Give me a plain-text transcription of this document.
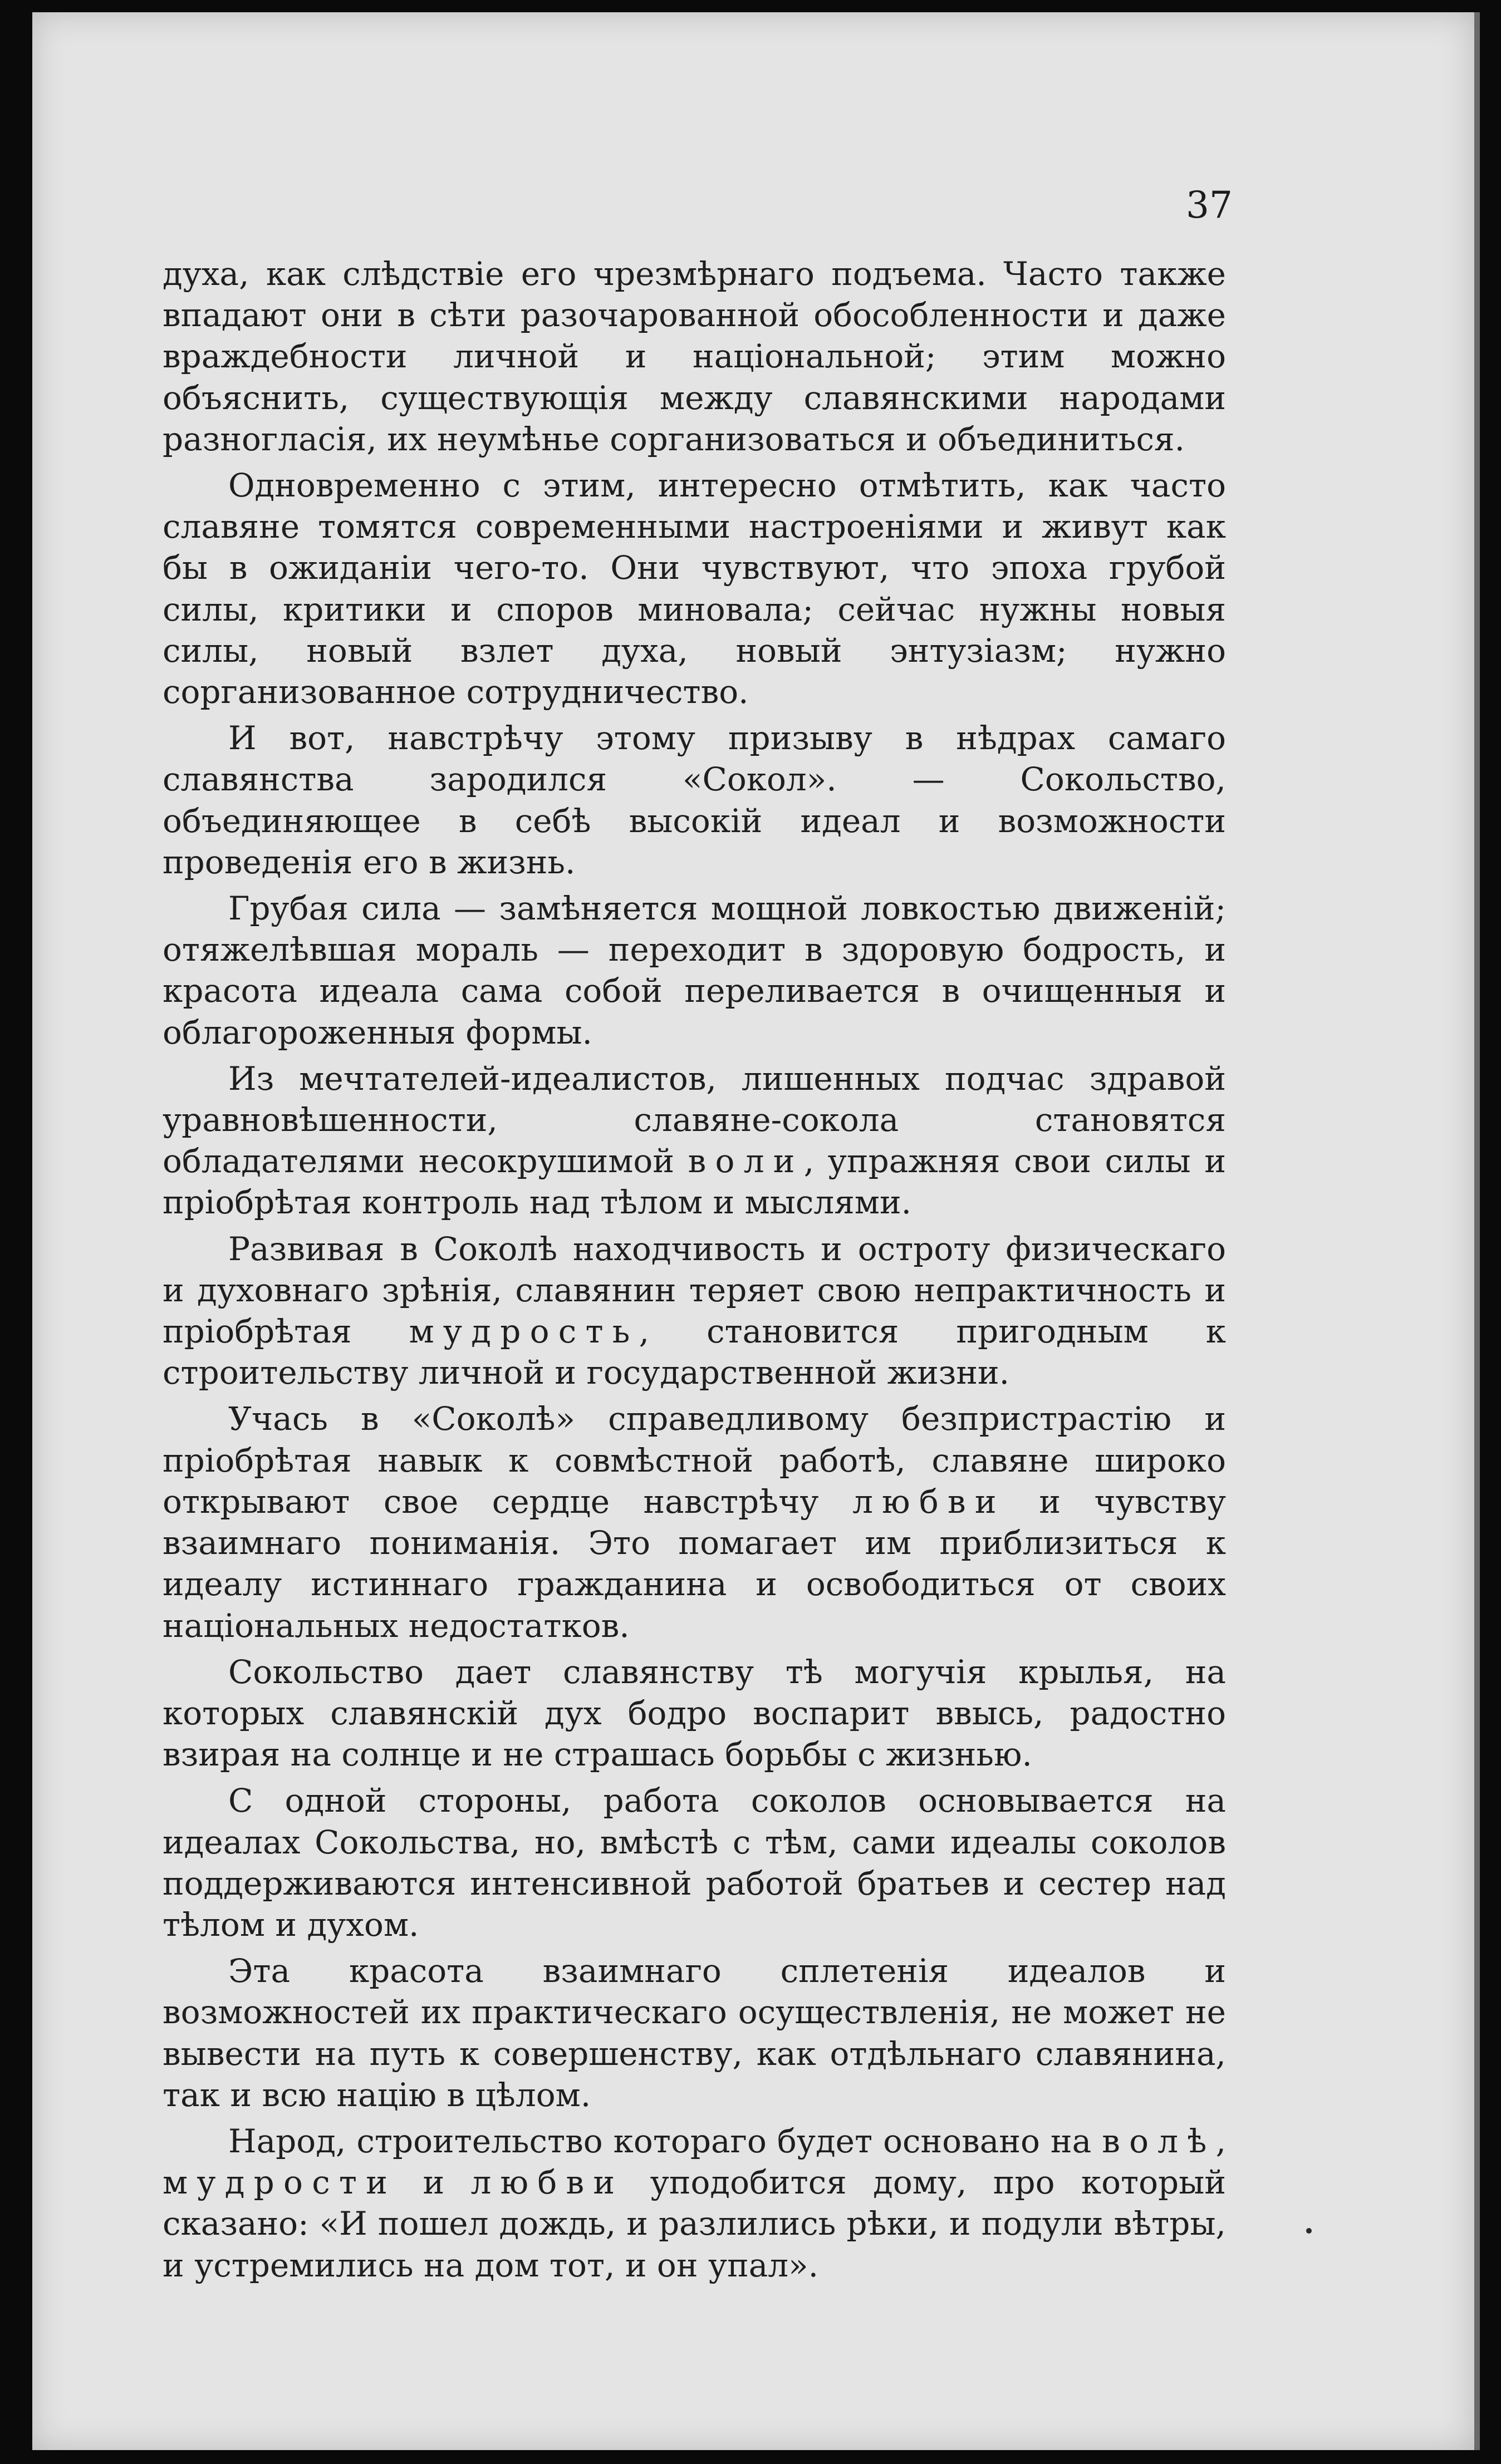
37

духа, как слѣдствіе его чрезмѣрнаго подъема. Часто также впадают они в сѣти разочарованной обособленности и даже враждебности личной и національной; этим можно объяснить, существующія между славянскими народами разногласія, их неумѣнье сорганизоваться и объединиться.

Одновременно с этим, интересно отмѣтить, как часто славяне томятся современными настроеніями и живут как бы в ожиданіи чего-то. Они чувствуют, что эпоха грубой силы, критики и споров миновала; сейчас нужны новыя силы, новый взлет духа, новый энтузіазм; нужно сорганизованное сотрудничество.

И вот, навстрѣчу этому призыву в нѣдрах самаго славянства зародился «Сокол». — Сокольство, объединяющее в себѣ высокій идеал и возможности проведенія его в жизнь.

Грубая сила — замѣняется мощной ловкостью движеній; отяжелѣвшая мораль — переходит в здоровую бодрость, и красота идеала сама собой переливается в очищенныя и облагороженныя формы.

Из мечтателей-идеалистов, лишенных подчас здравой уравновѣшенности, славяне-сокола становятся обладателями несокрушимой воли, упражняя свои силы и пріобрѣтая контроль над тѣлом и мыслями.

Развивая в Соколѣ находчивость и остроту физическаго и духовнаго зрѣнія, славянин теряет свою непрактичность и пріобрѣтая мудрость, становится пригодным к строительству личной и государственной жизни.

Учась в «Соколѣ» справедливому безпристрастію и пріобрѣтая навык к совмѣстной работѣ, славяне широко открывают свое сердце навстрѣчу любви и чувству взаимнаго пониманія. Это помагает им приблизиться к идеалу истиннаго гражданина и освободиться от своих національных недостатков.

Сокольство дает славянству тѣ могучія крылья, на которых славянскій дух бодро воспарит ввысь, радостно взирая на солнце и не страшась борьбы с жизнью.

С одной стороны, работа соколов основывается на идеалах Сокольства, но, вмѣстѣ с тѣм, сами идеалы соколов поддерживаются интенсивной работой братьев и сестер над тѣлом и духом.

Эта красота взаимнаго сплетенія идеалов и возможностей их практическаго осуществленія, не может не вывести на путь к совершенству, как отдѣльнаго славянина, так и всю націю в цѣлом.

Народ, строительство котораго будет основано на волѣ, мудрости и любви уподобится дому, про который сказано: «И пошел дождь, и разлились рѣки, и подули вѣтры, и устремились на дом тот, и он упал».
